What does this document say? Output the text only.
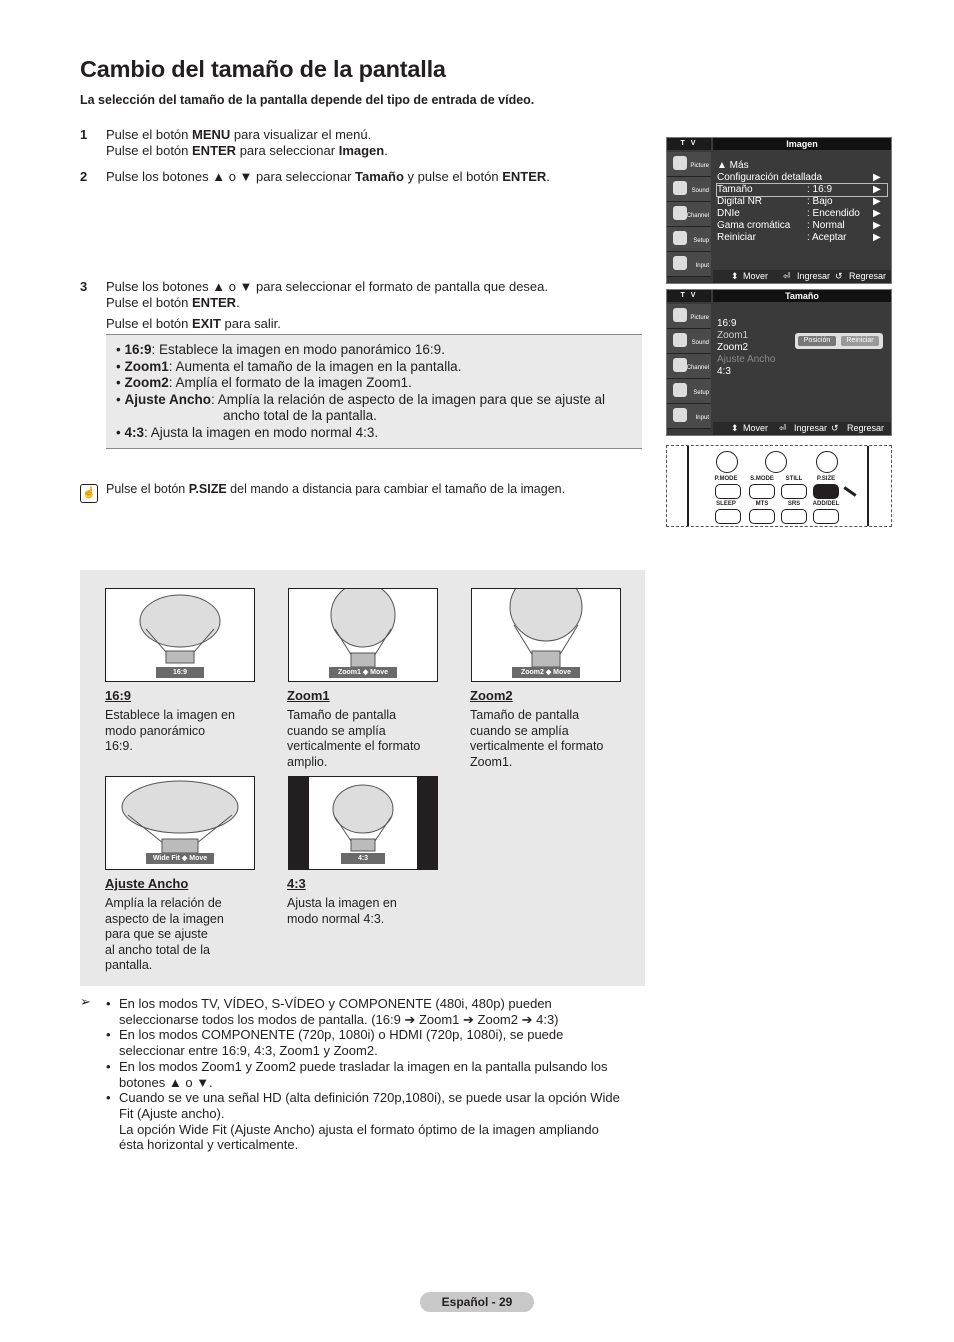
Cambio del tamaño de la pantalla
La selección del tamaño de la pantalla depende del tipo de entrada de vídeo.
1 Pulse el botón MENU para visualizar el menú.
Pulse el botón ENTER para seleccionar Imagen.
2 Pulse los botones ▲ o ▼ para seleccionar Tamaño y pulse el botón ENTER.
3 Pulse los botones ▲ o ▼ para seleccionar el formato de pantalla que desea.
Pulse el botón ENTER.
Pulse el botón EXIT para salir.
• 16:9: Establece la imagen en modo panorámico 16:9.
• Zoom1: Aumenta el tamaño de la imagen en la pantalla.
• Zoom2: Amplía el formato de la imagen Zoom1.
• Ajuste Ancho: Amplía la relación de aspecto de la imagen para que se ajuste al
ancho total de la pantalla.
• 4:3: Ajusta la imagen en modo normal 4:3.
☝ Pulse el botón P.SIZE del mando a distancia para cambiar el tamaño de la imagen.
T V	Imagen
Picture
Sound
Channel
Setup
Input
▲ Más
Configuración detallada	▶
Tamaño	: 16:9	▶
Digital NR	: Bajo	▶
DNIe	: Encendido ▶
Gama cromática : Normal	▶
Reiniciar	: Aceptar	▶
⬍ Mover ⏎ Ingresar ↺ Regresar
T V	Tamaño
Picture
Sound
Channel
Setup
Input
16:9
Zoom1
Zoom2
Ajuste Ancho
4:3
Posición	Reiniciar
⬍ Mover ⏎ Ingresar ↺ Regresar
P.MODE	S.MODE	STILL	P.SIZE
SLEEP	MTS	SRS	ADD/DEL
16:9
16:9
Establece la imagen en
modo panorámico
16:9.
Zoom1 ◆ Move
Zoom1
Tamaño de pantalla
cuando se amplía
verticalmente el formato
amplio.
Zoom2 ◆ Move
Zoom2
Tamaño de pantalla
cuando se amplía
verticalmente el formato
Zoom1.
Wide Fit ◆ Move
Ajuste Ancho
Amplía la relación de
aspecto de la imagen
para que se ajuste
al ancho total de la
pantalla.
4:3
4:3
Ajusta la imagen en
modo normal 4:3.
➢
• En los modos TV, VÍDEO, S-VÍDEO y COMPONENTE (480i, 480p) pueden
seleccionarse todos los modos de pantalla. (16:9 ➔ Zoom1 ➔ Zoom2 ➔ 4:3)
• En los modos COMPONENTE (720p, 1080i) o HDMI (720p, 1080i), se puede
seleccionar entre 16:9, 4:3, Zoom1 y Zoom2.
• En los modos Zoom1 y Zoom2 puede trasladar la imagen en la pantalla pulsando los
botones ▲ o ▼.
• Cuando se ve una señal HD (alta definición 720p,1080i), se puede usar la opción Wide
Fit (Ajuste ancho).
La opción Wide Fit (Ajuste Ancho) ajusta el formato óptimo de la imagen ampliando
ésta horizontal y verticalmente.
Español - 29
